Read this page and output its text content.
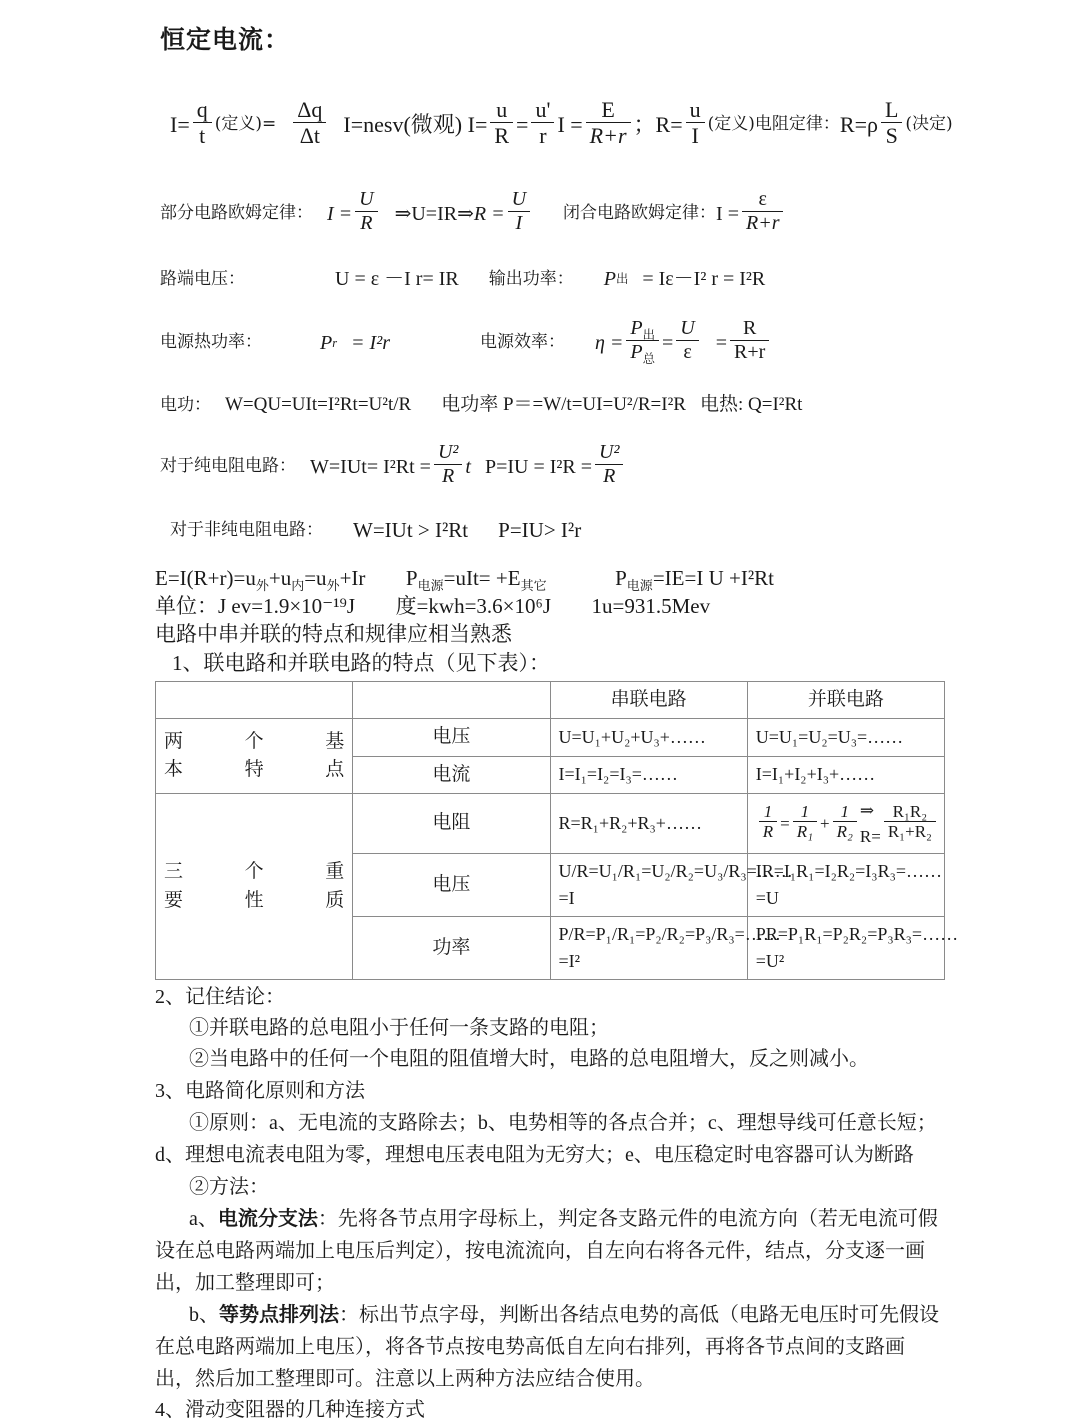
恒定电流：
$I= \frac{q}{t}$ (定义)= $\frac{\Delta q}{\Delta t}$ I=nesv(微观) $I= \frac{u}{R} = \frac{u'}{r}$ $I = \frac{E}{R+r}$ ； $R= \frac{u}{I}$ (定义)电阻定律： $R=\rho \frac{L}{S}$ (决定)
部分电路欧姆定律： $I = \frac{U}{R}$ ⇒U=IR⇒ $R = \frac{U}{I}$ 闭合电路欧姆定律： $I = \frac{\varepsilon}{R+r}$
路端电压：	U = ε －I r= IR 输出功率： P 出 = Iε－I² r = I²R
电源热功率：	P r = I²r	电源效率： $\eta = \frac{P_出}{P_总} = \frac{U}{\varepsilon} = \frac{R}{R+r}$
电功： W=QU=UIt=I²Rt=U²t/R 电功率 P＝=W/t=UI=U²/R=I²R 电热: Q=I²Rt
对于纯电阻电路： $W=IUt= I^2Rt = \frac{\text{U²}}{R}$ t $P=IU = I^2R = \frac{\text{U²}}{R}$
对于非纯电阻电路： W=IUt > I²Rt P=IU> I²r
$E=I(R+r)=u_外+u_内=u_外+Ir$ $P_{电源}=uIt= +E_{其它}$	$P_{电源}=IE=I$ U +I²Rt
单位：J ev=1.9×10⁻¹⁹J 度=kwh=3.6×10⁶J 1u=931.5Mev
电路中串并联的特点和规律应相当熟悉
1、联电路和并联电路的特点（见下表）：
		串联电路	并联电路

两 个 基
本特点	电压	U=U₁+U₂+U₃+……	U=U₁=U₂=U₃=……
	电流	I=I₁=I₂=I₃=……	I=I₁+I₂+I₃+……

三 个 重
要性质
	电阻	R=R₁+R₂+R₃+……	$\frac{1}{R} = \frac{1}{\text{R₁}} + \frac{1}{\text{R₂}}$ ⇒ $R= \frac{\text{R₁R₂}}{\text{R₁+R₂}}$

	电压	U/R=U₁/R₁=U₂/R₂=U₃/R₃=……=I	IR=I₁R₁=I₂R₂=I₃R₃=……=U
	功率	P/R=P₁/R₁=P₂/R₂=P₃/R₃=……=I²	PR=P₁R₁=P₂R₂=P₃R₃=……=U²
2、记住结论：
①并联电路的总电阻小于任何一条支路的电阻；
②当电路中的任何一个电阻的阻值增大时，电路的总电阻增大，反之则减小。
3、电路简化原则和方法
①原则：a、无电流的支路除去；b、电势相等的各点合并；c、理想导线可任意长短；d、理想电流表电阻为零，理想电压表电阻为无穷大；e、电压稳定时电容器可认为断路
②方法：
a、电流分支法：先将各节点用字母标上，判定各支路元件的电流方向（若无电流可假设在总电路两端加上电压后判定），按电流流向，自左向右将各元件，结点，分支逐一画出，加工整理即可；
b、等势点排列法：标出节点字母，判断出各结点电势的高低（电路无电压时可先假设在总电路两端加上电压），将各节点按电势高低自左向右排列，再将各节点间的支路画出，然后加工整理即可。注意以上两种方法应结合使用。
4、滑动变阻器的几种连接方式
